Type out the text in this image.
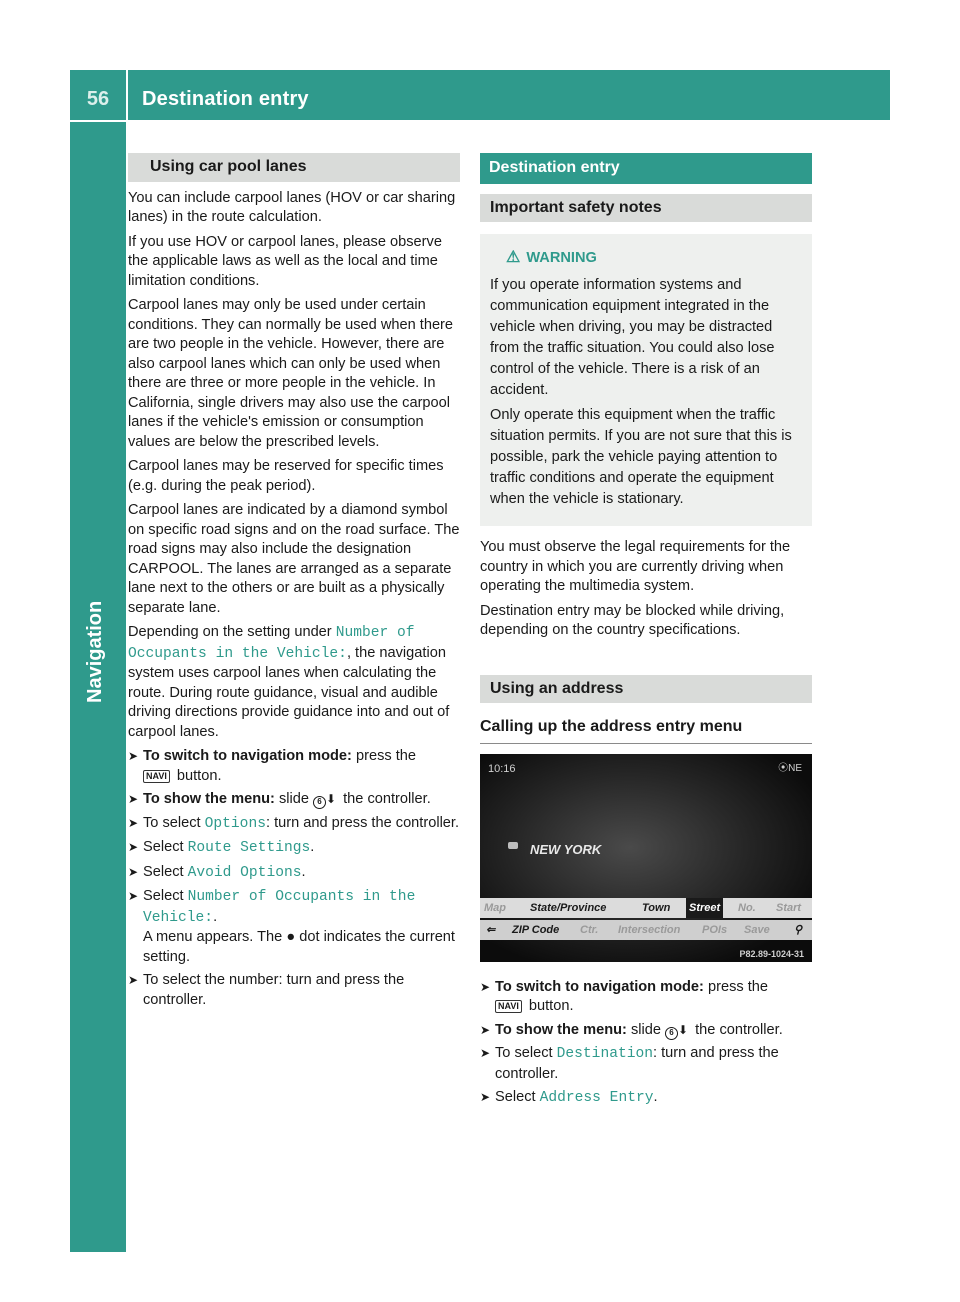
56	Destination entry
Navigation
Using car pool lanes

You can include carpool lanes (HOV or car sharing lanes) in the route calculation.

If you use HOV or carpool lanes, please observe the applicable laws as well as the local and time limitation conditions.

Carpool lanes may only be used under certain conditions. They can normally be used when there are two people in the vehicle. However, there are also carpool lanes which can only be used when there are three or more people in the vehicle. In California, single drivers may also use the carpool lanes if the vehicle's emission or consumption values are below the prescribed levels.

Carpool lanes may be reserved for specific times (e.g. during the peak period).

Carpool lanes are indicated by a diamond symbol on specific road signs and on the road surface. The road signs may also include the designation CARPOOL. The lanes are arranged as a separate lane next to the others or are built as a physically separate lane.

Depending on the setting under Number of Occupants in the Vehicle:, the navigation system uses carpool lanes when calculating the route. During route guidance, visual and audible driving directions provide guidance into and out of carpool lanes.

➤ To switch to navigation mode: press the
NAVI button.
➤ To show the menu: slide 6 ⬇ the controller.
➤ To select Options: turn and press the controller.
➤ Select Route Settings.
➤ Select Avoid Options.
➤ Select Number of Occupants in the Vehicle:.
A menu appears. The ● dot indicates the current setting.
➤ To select the number: turn and press the controller.
Destination entry
Important safety notes
⚠ WARNING

If you operate information systems and communication equipment integrated in the vehicle when driving, you may be distracted from the traffic situation. You could also lose control of the vehicle. There is a risk of an accident.

Only operate this equipment when the traffic situation permits. If you are not sure that this is possible, park the vehicle paying attention to traffic conditions and operate the equipment when the vehicle is stationary.

You must observe the legal requirements for the country in which you are currently driving when operating the multimedia system.

Destination entry may be blocked while driving, depending on the country specifications.

Using an address
Calling up the address entry menu
10:16	⦿NE
NEW YORK
Map State/Province	Town Street No. Start
⇐ ZIP Code Ctr. Intersection POIs Save ⚲
P82.89-1024-31
➤ To switch to navigation mode: press the
NAVI button.
➤ To show the menu: slide 6 ⬇ the controller.
➤ To select Destination: turn and press the controller.
➤ Select Address Entry.
